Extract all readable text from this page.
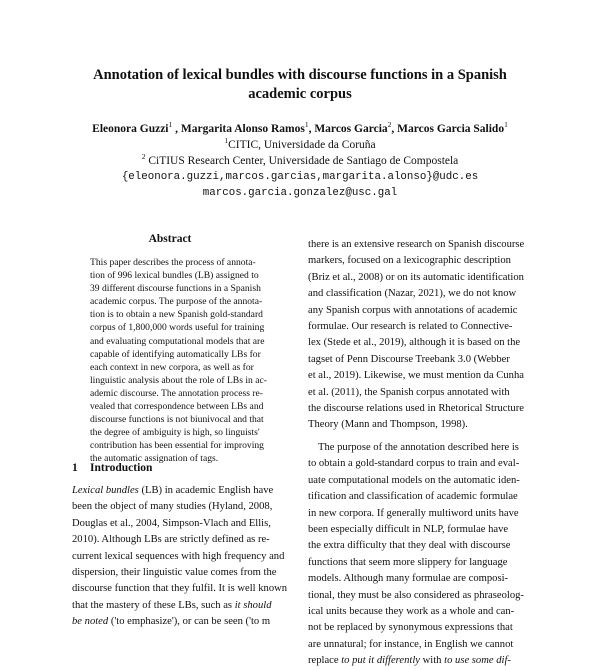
Annotation of lexical bundles with discourse functions in a Spanish
academic corpus
Eleonora Guzzi$^1$ , Margarita Alonso Ramos$^1$, Marcos Garcia$^2$, Marcos Garcia Salido$^1$
$^1$CITIC, Universidade da Coruña
$^2$ CiTIUS Research Center, Universidade de Santiago de Compostela
{eleonora.guzzi,marcos.garcias,margarita.alonso}@udc.es
marcos.garcia.gonzalez@usc.gal
Abstract
This paper describes the process of annota-
tion of 996 lexical bundles (LB) assigned to
39 different discourse functions in a Spanish
academic corpus. The purpose of the annota-
tion is to obtain a new Spanish gold-standard
corpus of 1,800,000 words useful for training
and evaluating computational models that are
capable of identifying automatically LBs for
each context in new corpora, as well as for
linguistic analysis about the role of LBs in ac-
ademic discourse. The annotation process re-
vealed that correspondence between LBs and
discourse functions is not biunivocal and that
the degree of ambiguity is high, so linguists'
contribution has been essential for improving
the automatic assignation of tags.
1 Introduction
Lexical bundles (LB) in academic English have
been the object of many studies (Hyland, 2008,
Douglas et al., 2004, Simpson-Vlach and Ellis,
2010). Although LBs are strictly defined as re-
current lexical sequences with high frequency and
dispersion, their linguistic value comes from the
discourse function that they fulfil. It is well known
that the mastery of these LBs, such as it should
be noted ('to emphasize'), or can be seen ('to m
there is an extensive research on Spanish discourse
markers, focused on a lexicographic description
(Briz et al., 2008) or on its automatic identification
and classification (Nazar, 2021), we do not know
any Spanish corpus with annotations of academic
formulae. Our research is related to Connective-
lex (Stede et al., 2019), although it is based on the
tagset of Penn Discourse Treebank 3.0 (Webber
et al., 2019). Likewise, we must mention da Cunha
et al. (2011), the Spanish corpus annotated with
the discourse relations used in Rhetorical Structure
Theory (Mann and Thompson, 1998).
The purpose of the annotation described here is
to obtain a gold-standard corpus to train and eval-
uate computational models on the automatic iden-
tification and classification of academic formulae
in new corpora. If generally multiword units have
been especially difficult in NLP, formulae have
the extra difficulty that they deal with discourse
functions that seem more slippery for language
models. Although many formulae are composi-
tional, they must be also considered as phraseolog-
ical units because they work as a whole and can-
not be replaced by synonymous expressions that
are unnatural; for instance, in English we cannot
replace to put it differently with to use some dif-
